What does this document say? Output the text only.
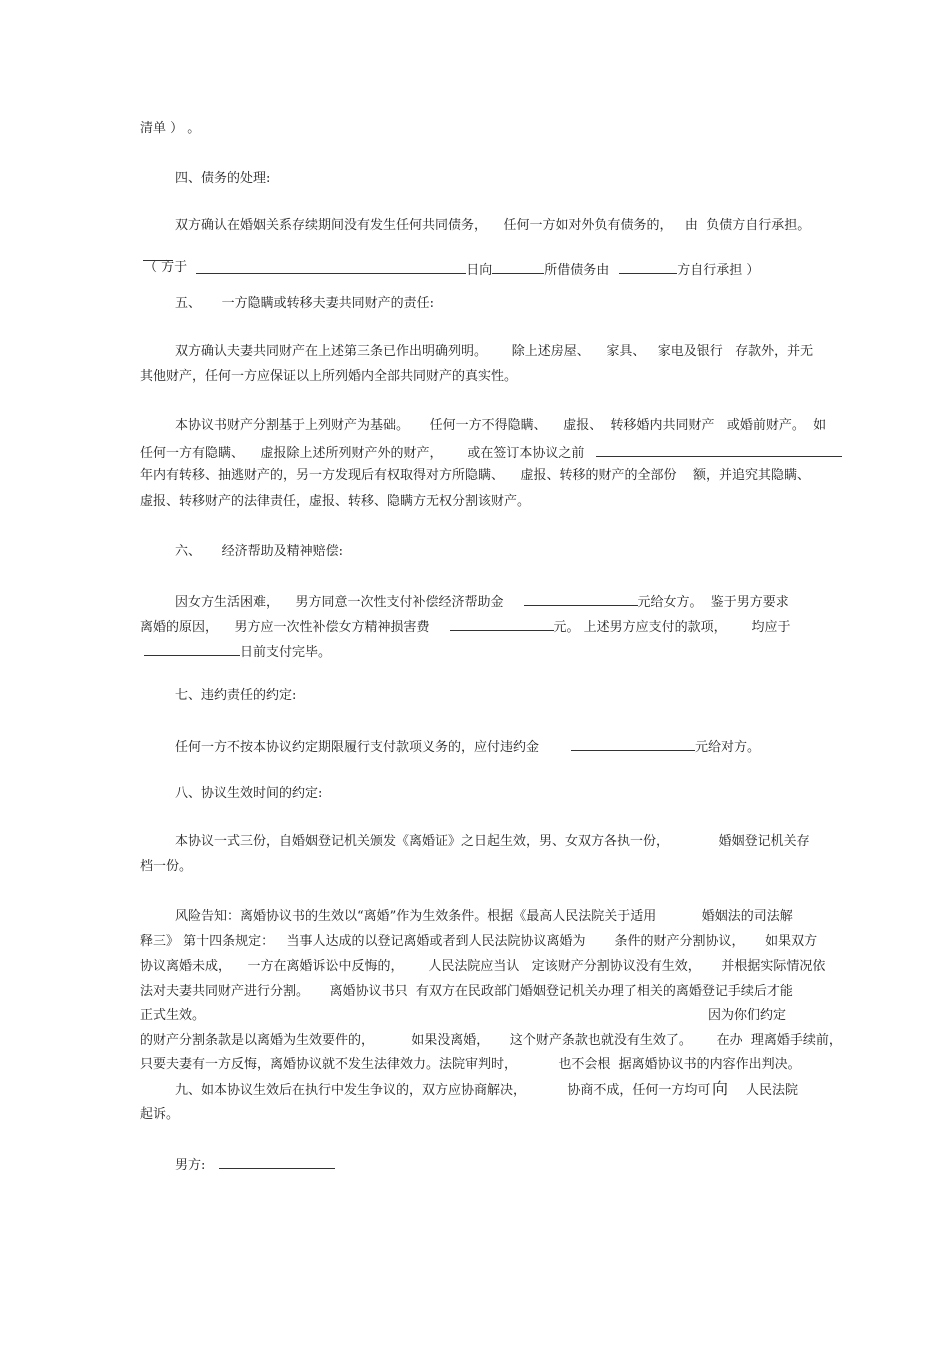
清单 ） 。

四、债务的处理:

双方确认在婚姻关系存续期间没有发生任何共同债务，    任何一方如对外负有债务的，   由  负债方自行承担。

（ 方于	日向	所借债务由	方自行承担 ）

五、     一方隐瞒或转移夫妻共同财产的责任:

双方确认夫妻共同财产在上述第三条已作出明确列明。      除上述房屋、    家具、   家电及银行   存款外，并无

其他财产，任何一方应保证以上所列婚内全部共同财产的真实性。

本协议书财产分割基于上列财产为基础。     任何一方不得隐瞒、    虚报、  转移婚内共同财产   或婚前财产。  如

任何一方有隐瞒、    虚报除上述所列财产外的财产，      或在签订本协议之前

年内有转移、抽逃财产的，另一方发现后有权取得对方所隐瞒、    虚报、转移的财产的全部份    额，并追究其隐瞒、

虚报、转移财产的法律责任，虚报、转移、隐瞒方无权分割该财产。

六、     经济帮助及精神赔偿:

因女方生活困难，    男方同意一次性支付补偿经济帮助金	元给女方。  鉴于男方要求

离婚的原因，    男方应一次性补偿女方精神损害费	元。 上述男方应支付的款项，      均应于

日前支付完毕。

七、违约责任的约定:

任何一方不按本协议约定期限履行支付款项义务的，应付违约金	元给对方。

八、协议生效时间的约定:

本协议一式三份，自婚姻登记机关颁发《离婚证》之日起生效，男、女双方各执一份，            婚姻登记机关存

档一份。

风险告知：离婚协议书的生效以“离婚”作为生效条件。根据《最高人民法院关于适用           婚姻法的司法解

释三》 第十四条规定：   当事人达成的以登记离婚或者到人民法院协议离婚为       条件的财产分割协议，     如果双方

协议离婚未成，    一方在离婚诉讼中反悔的，      人民法院应当认   定该财产分割协议没有生效，     并根据实际情况依

法对夫妻共同财产进行分割。     离婚协议书只  有双方在民政部门婚姻登记机关办理了相关的离婚登记手续后才能

正式生效。	因为你们约定

的财产分割条款是以离婚为生效要件的，         如果没离婚，     这个财产条款也就没有生效了。      在办  理离婚手续前，

只要夫妻有一方反悔，离婚协议就不发生法律效力。法院审判时，          也不会根  据离婚协议书的内容作出判决。

九、如本协议生效后在执行中发生争议的，双方应协商解决，          协商不成，任何一方均可 向 人民法院

起诉。

男方:
